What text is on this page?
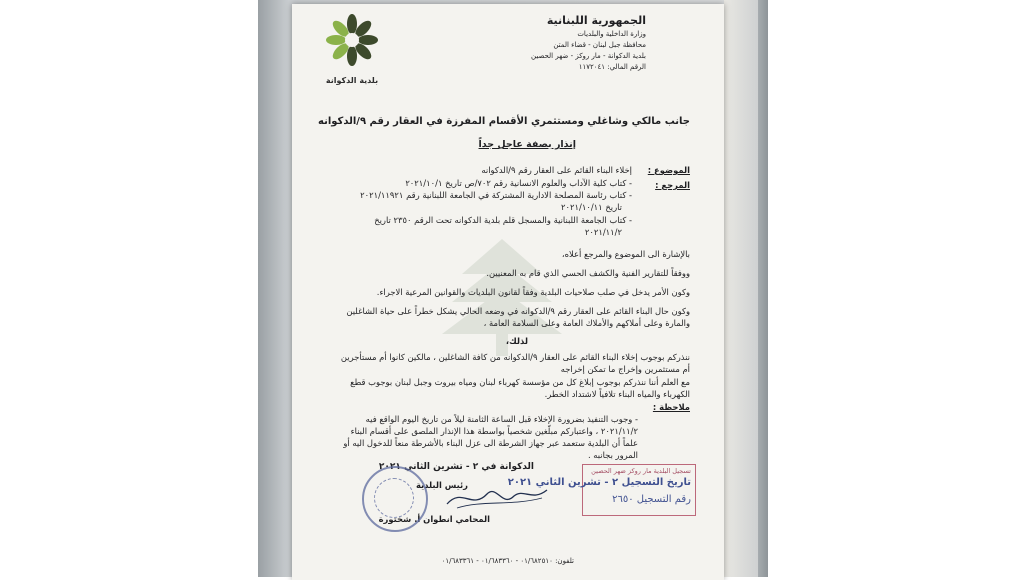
بلدية الدكوانة
الجمهورية اللبنانية
وزارة الداخلية والبلديات
محافظة جبل لبنان - قضاء المتن
بلدية الدكوانة - مار روكز - ضهر الحصين
الرقم المالي: ١١٧٢٠٤١
جانب مالكي وشاغلي ومستثمري الأقسام المفرزة في العقار رقم ٩/الدكوانه
إنذار بصفة عاجل جداً
الموضوع :
إخلاء البناء القائم على العقار رقم ٩/الدكوانه
المرجع :
- كتاب كلية الآداب والعلوم الانسانية رقم ٧٠٢/ص تاريخ ٢٠٢١/١٠/١
- كتاب رئاسة المصلحة الادارية المشتركة في الجامعة اللبنانية رقم ٢٠٢١/١١٩٢١
تاريخ ٢٠٢١/١٠/١١
- كتاب الجامعة اللبنانية والمسجل قلم بلدية الدكوانه تحت الرقم ٢٣٥٠ تاريخ
٢٠٢١/١١/٢
بالإشارة الى الموضوع والمرجع أعلاه،
ووفقاً للتقارير الفنية والكشف الحسي الذي قام به المعنيين.
وكون الأمر يدخل في صلب صلاحيات البلدية وفقاً لقانون البلديات والقوانين المرعية الاجراء.
وكون حال البناء القائم على العقار رقم ٩/الدكوانه في وضعه الحالي يشكل خطراً على حياة الشاغلين
والمارة وعلى أملاكهم والأملاك العامة وعلى السلامة العامة ،
لذلك،
ننذركم بوجوب إخلاء البناء القائم على العقار ٩/الدكوانه من كافة الشاغلين ، مالكين كانوا أم مستأجرين
أم مستثمرين وإخراج ما تمكن إخراجه
مع العلم أننا ننذركم بوجوب إبلاغ كل من مؤسسة كهرباء لبنان ومياه بيروت وجبل لبنان بوجوب قطع
الكهرباء والمياه البناء تلافياً لاشتداد الخطر.
ملاحظة :
- وجوب التنفيذ بضرورة الإخلاء قبل الساعة الثامنة ليلاً من تاريخ اليوم الواقع فيه
٢٠٢١/١١/٢ ، واعتباركم مبلّغين شخصياً بواسطة هذا الإنذار الملصق على أقسام البناء
علماً أن البلدية ستعمد عبر جهاز الشرطة الى عزل البناء بالأشرطة منعاً للدخول اليه أو
المرور بجانبه .
الدكوانة في ٢ - تشرين الثاني ٢٠٢١	تسجيل البلدية مار روكز ضهر الحصين
تاريخ التسجيل ٢ - تشرين الثاني ٢٠٢١
رقم التسجيل ٢٦٥٠
رئيس البلدية
المحامي انطوان أ. شختورة
تلفون: ٠١/٦٨٢٥١٠ - ٠١/٦٨٣٣٦٠ - ٠١/٦٨٣٣٦١
